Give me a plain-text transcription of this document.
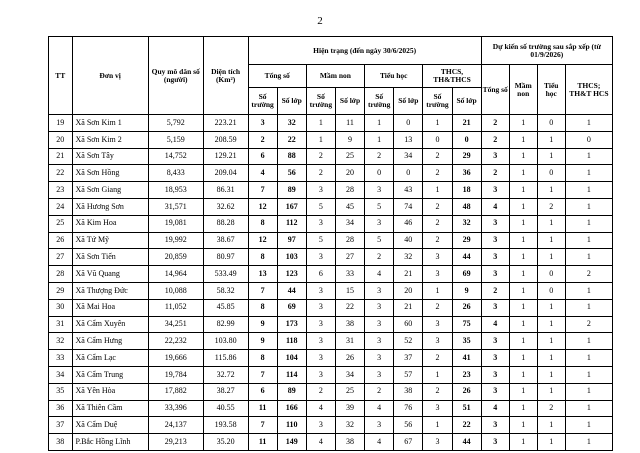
2
TT	Đơn vị	Quy mô dân số (người)	Diện tích (Km²)	Hiện trạng (đến ngày 30/6/2025)								Dự kiến số trường sau sắp xếp (từ 01/9/2026)			
				Tổng số		Mầm non		Tiểu học		THCS, TH&THCS		Tổng số	Mầm non	Tiểu học	THCS; TH&T HCS
				Số trường	Số lớp	Số trường	Số lớp	Số trường	Số lớp	Số trường	Số lớp				
19	Xã Sơn Kim 1	5,792	223.21	3	32	1	11	1	0	1	21	2	1	0	1
20	Xã Sơn Kim 2	5,159	208.59	2	22	1	9	1	13	0	0	2	1	1	0
21	Xã Sơn Tây	14,752	129.21	6	88	2	25	2	34	2	29	3	1	1	1
22	Xã Sơn Hồng	8,433	209.04	4	56	2	20	0	0	2	36	2	1	0	1
23	Xã Sơn Giang	18,953	86.31	7	89	3	28	3	43	1	18	3	1	1	1
24	Xã Hương Sơn	31,571	32.62	12	167	5	45	5	74	2	48	4	1	2	1
25	Xã Kim Hoa	19,081	88.28	8	112	3	34	3	46	2	32	3	1	1	1
26	Xã Tứ Mỹ	19,992	38.67	12	97	5	28	5	40	2	29	3	1	1	1
27	Xã Sơn Tiến	20,859	80.97	8	103	3	27	2	32	3	44	3	1	1	1
28	Xã Vũ Quang	14,964	533.49	13	123	6	33	4	21	3	69	3	1	0	2
29	Xã Thượng Đức	10,088	58.32	7	44	3	15	3	20	1	9	2	1	0	1
30	Xã Mai Hoa	11,052	45.85	8	69	3	22	3	21	2	26	3	1	1	1
31	Xã Cẩm Xuyên	34,251	82.99	9	173	3	38	3	60	3	75	4	1	1	2
32	Xã Cẩm Hưng	22,232	103.80	9	118	3	31	3	52	3	35	3	1	1	1
33	Xã Cẩm Lạc	19,666	115.86	8	104	3	26	3	37	2	41	3	1	1	1
34	Xã Cẩm Trung	19,784	32.72	7	114	3	34	3	57	1	23	3	1	1	1
35	Xã Yên Hòa	17,882	38.27	6	89	2	25	2	38	2	26	3	1	1	1
36	Xã Thiên Cầm	33,396	40.55	11	166	4	39	4	76	3	51	4	1	2	1
37	Xã Cẩm Duệ	24,137	193.58	7	110	3	32	3	56	1	22	3	1	1	1
38	P.Bắc Hồng Lĩnh	29,213	35.20	11	149	4	38	4	67	3	44	3	1	1	1
